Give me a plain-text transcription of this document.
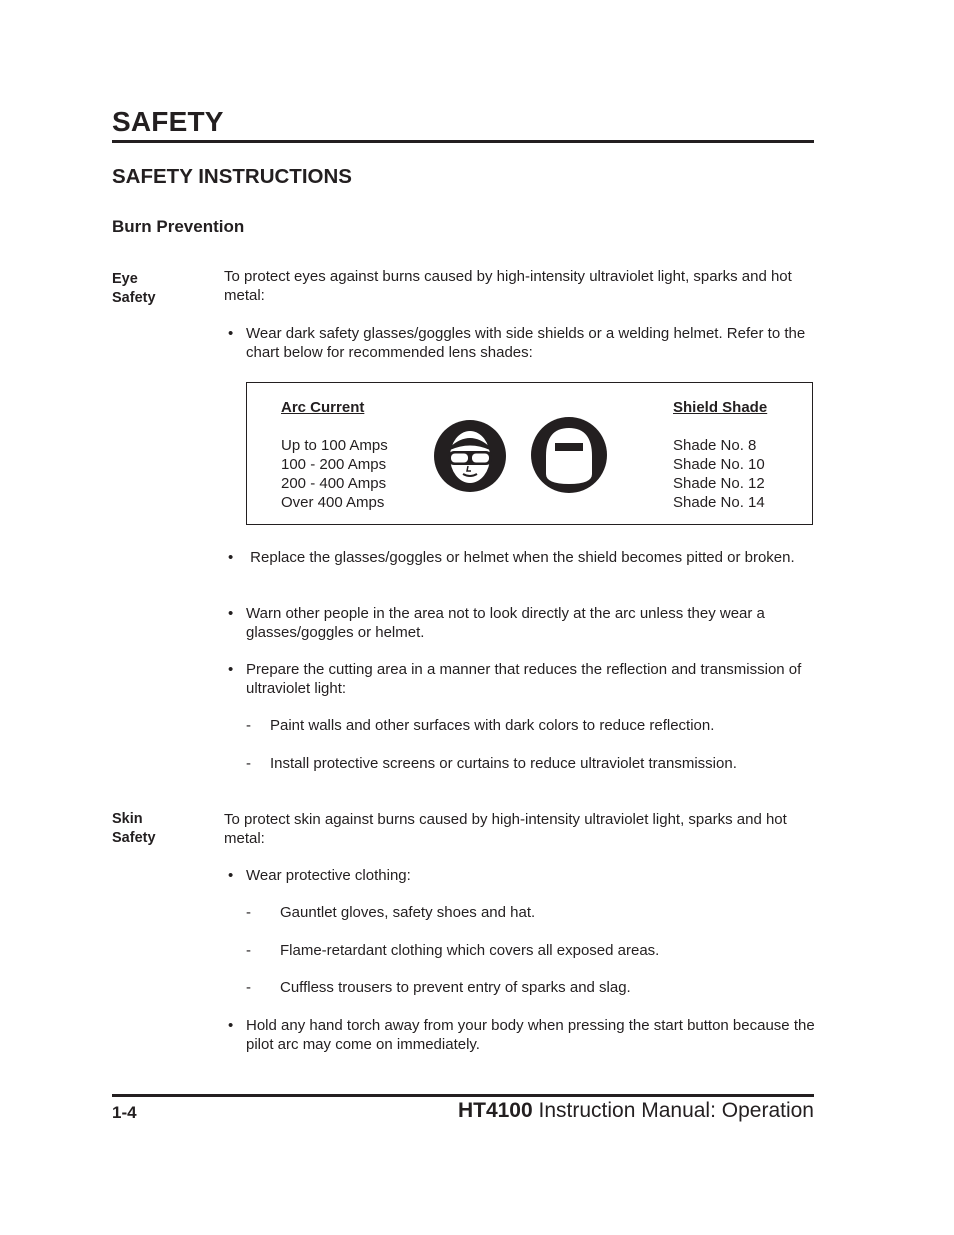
SAFETY
SAFETY INSTRUCTIONS
Burn Prevention
Eye
Safety
To protect eyes against burns caused by high-intensity ultraviolet light, sparks and hot metal:
• Wear dark safety glasses/goggles with side shields or a welding helmet. Refer to the chart below for recommended lens shades:
Arc Current
Up to 100 Amps
100 - 200 Amps
200 - 400 Amps
Over 400 Amps
Shield Shade
Shade No. 8
Shade No. 10
Shade No. 12
Shade No. 14
• Replace the glasses/goggles or helmet when the shield becomes pitted or broken.
• Warn other people in the area not to look directly at the arc unless they wear a glasses/goggles or helmet.
• Prepare the cutting area in a manner that reduces the reflection and transmission of ultraviolet light:
- Paint walls and other surfaces with dark colors to reduce reflection.
- Install protective screens or curtains to reduce ultraviolet transmission.
Skin
Safety
To protect skin against burns caused by high-intensity ultraviolet light, sparks and hot metal:
• Wear protective clothing:
- Gauntlet gloves, safety shoes and hat.
- Flame-retardant clothing which covers all exposed areas.
- Cuffless trousers to prevent entry of sparks and slag.
• Hold any hand torch away from your body when pressing the start button because the pilot arc may come on immediately.
1-4	HT4100 Instruction Manual: Operation
